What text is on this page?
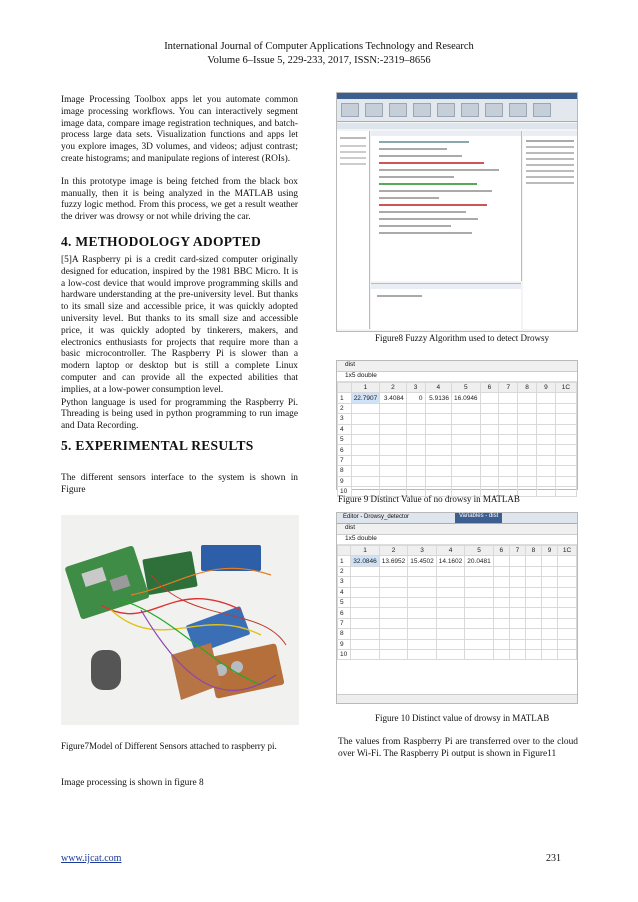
International Journal of Computer Applications Technology and Research
Volume 6–Issue 5, 229-233, 2017, ISSN:-2319–8656

Image Processing Toolbox apps let you automate common image processing workflows. You can interactively segment image data, compare image registration techniques, and batch-process large data sets. Visualization functions and apps let you explore images, 3D volumes, and videos; adjust contrast; create histograms; and manipulate regions of interest (ROIs).

In this prototype image is being fetched from the black box manually, then it is being analyzed in the MATLAB using fuzzy logic method. From this process, we get a result weather the driver was drowsy or not while driving the car.

4. METHODOLOGY ADOPTED

[5]A Raspberry pi is a credit card-sized computer originally designed for education, inspired by the 1981 BBC Micro. It is a low-cost device that would improve programming skills and hardware understanding at the pre-university level. But thanks to its small size and accessible price, it was quickly adopted university level. But thanks to its small size and accessible price, it was quickly adopted by tinkerers, makers, and electronics enthusiasts for projects that require more than a basic microcontroller. The Raspberry Pi is slower than a modern laptop or desktop but is still a complete Linux computer and can provide all the expected abilities that implies, at a low-power consumption level.

Python language is used for programming the Raspberry Pi. Threading is being used in python programming to run image and Data Recording.

5. EXPERIMENTAL RESULTS
The different sensors interface to the system is shown in Figure
Figure7Model of Different Sensors attached to raspberry pi.
Image processing is shown in figure 8
Figure8 Fuzzy Algorithm used to detect Drowsy
dist
1x5 double
	1	2	3	4	5	6	7	8	9	1C
1	22.7907	3.4084	0	5.9136	16.0946					
2										
3										
4										
5										
6										
7										
8										
9										
10										
Figure 9 Distinct Value of no drowsy in MATLAB
Editor - Drowsy_detector	Variables - dist
dist
1x5 double
	1	2	3	4	5	6	7	8	9	1C
1	32.0846	13.6952	15.4502	14.1602	20.0481					
2										
3										
4										
5										
6										
7										
8										
9										
10										
Figure 10 Distinct value of drowsy in MATLAB
The values from Raspberry Pi are transferred over to the cloud over Wi-Fi. The Raspberry Pi output is shown in Figure11
www.ijcat.com	231
